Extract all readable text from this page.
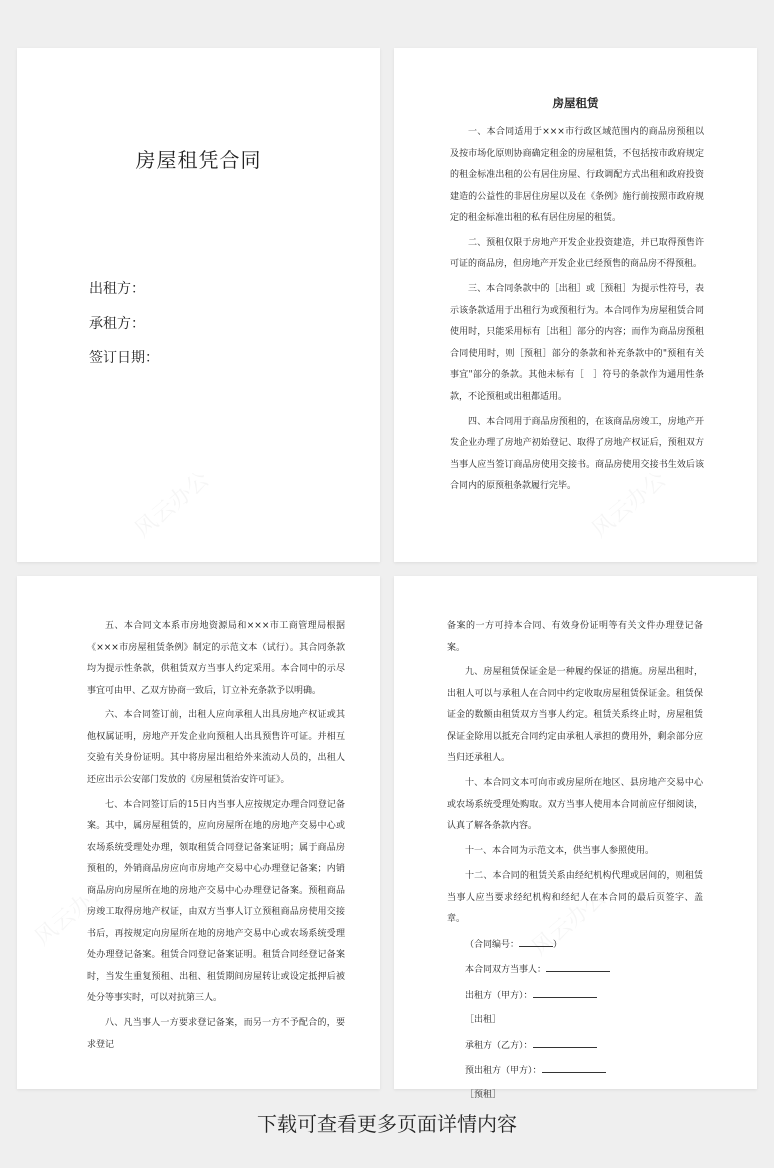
房屋租凭合同
出租方：
承租方：
签订日期：
房屋租赁

一、本合同适用于×××市行政区域范围内的商品房预租以及按市场化原则协商确定租金的房屋租赁，不包括按市政府规定的租金标准出租的公有居住房屋、行政调配方式出租和政府投资建造的公益性的非居住房屋以及在《条例》施行前按照市政府规定的租金标准出租的私有居住房屋的租赁。

二、预租仅限于房地产开发企业投资建造，并已取得预售许可证的商品房，但房地产开发企业已经预售的商品房不得预租。

三、本合同条款中的［出租］或［预租］为提示性符号，表示该条款适用于出租行为或预租行为。本合同作为房屋租赁合同使用时，只能采用标有［出租］部分的内容；而作为商品房预租合同使用时，则［预租］部分的条款和补充条款中的"预租有关事宜"部分的条款。其他未标有［　］符号的条款作为通用性条款，不论预租或出租都适用。

四、本合同用于商品房预租的，在该商品房竣工，房地产开发企业办理了房地产初始登记、取得了房地产权证后，预租双方当事人应当签订商品房使用交接书。商品房使用交接书生效后该合同内的原预租条款履行完毕。

五、本合同文本系市房地资源局和×××市工商管理局根据《×××市房屋租赁条例》制定的示范文本（试行）。其合同条款均为提示性条款，供租赁双方当事人约定采用。本合同中的示尽事宜可由甲、乙双方协商一致后，订立补充条款予以明确。

六、本合同签订前，出租人应向承租人出具房地产权证或其他权属证明，房地产开发企业向预租人出具预售许可证。并相互交验有关身份证明。其中将房屋出租给外来流动人员的，出租人还应出示公安部门发放的《房屋租赁治安许可证》。

七、本合同签订后的15日内当事人应按规定办理合同登记备案。其中，属房屋租赁的，应向房屋所在地的房地产交易中心或农场系统受理处办理，领取租赁合同登记备案证明；属于商品房预租的，外销商品房应向市房地产交易中心办理登记备案；内销商品房向房屋所在地的房地产交易中心办理登记备案。预租商品房竣工取得房地产权证，由双方当事人订立预租商品房使用交接书后，再按规定向房屋所在地的房地产交易中心或农场系统受理处办理登记备案。租赁合同登记备案证明。租赁合同经登记备案时，当发生重复预租、出租、租赁期间房屋转让或设定抵押后被处分等事实时，可以对抗第三人。

八、凡当事人一方要求登记备案，而另一方不予配合的，要求登记

备案的一方可持本合同、有效身份证明等有关文件办理登记备案。

九、房屋租赁保证金是一种履约保证的措施。房屋出租时，出租人可以与承租人在合同中约定收取房屋租赁保证金。租赁保证金的数额由租赁双方当事人约定。租赁关系终止时，房屋租赁保证金除用以抵充合同约定由承租人承担的费用外，剩余部分应当归还承租人。

十、本合同文本可向市或房屋所在地区、县房地产交易中心或农场系统受理处购取。双方当事人使用本合同前应仔细阅读，认真了解各条款内容。

十一、本合同为示范文本，供当事人参照使用。

十二、本合同的租赁关系由经纪机构代理或居间的，则租赁当事人应当要求经纪机构和经纪人在本合同的最后页签字、盖章。

（合同编号：	）
本合同双方当事人：
出租方（甲方）：
［出租］
承租方（乙方）：
预出租方（甲方）：
［预租］
下载可查看更多页面详情内容
